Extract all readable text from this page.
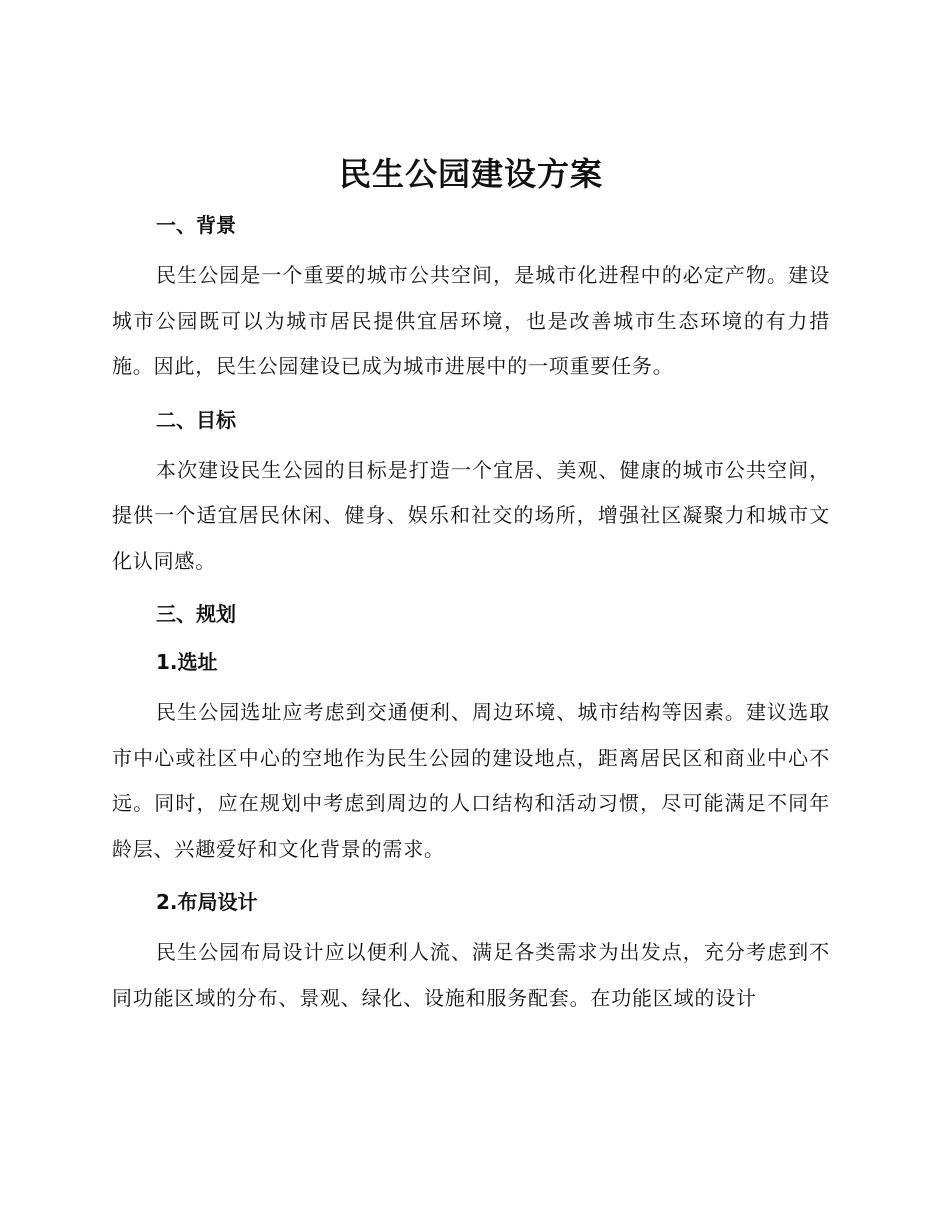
民生公园建设方案
一、背景

民生公园是一个重要的城市公共空间，是城市化进程中的必定产物。建设城市公园既可以为城市居民提供宜居环境，也是改善城市生态环境的有力措施。因此，民生公园建设已成为城市进展中的一项重要任务。

二、目标

本次建设民生公园的目标是打造一个宜居、美观、健康的城市公共空间，提供一个适宜居民休闲、健身、娱乐和社交的场所，增强社区凝聚力和城市文化认同感。

三、规划
1.选址

民生公园选址应考虑到交通便利、周边环境、城市结构等因素。建议选取市中心或社区中心的空地作为民生公园的建设地点，距离居民区和商业中心不远。同时，应在规划中考虑到周边的人口结构和活动习惯，尽可能满足不同年龄层、兴趣爱好和文化背景的需求。

2.布局设计

民生公园布局设计应以便利人流、满足各类需求为出发点，充分考虑到不同功能区域的分布、景观、绿化、设施和服务配套。在功能区域的设计
